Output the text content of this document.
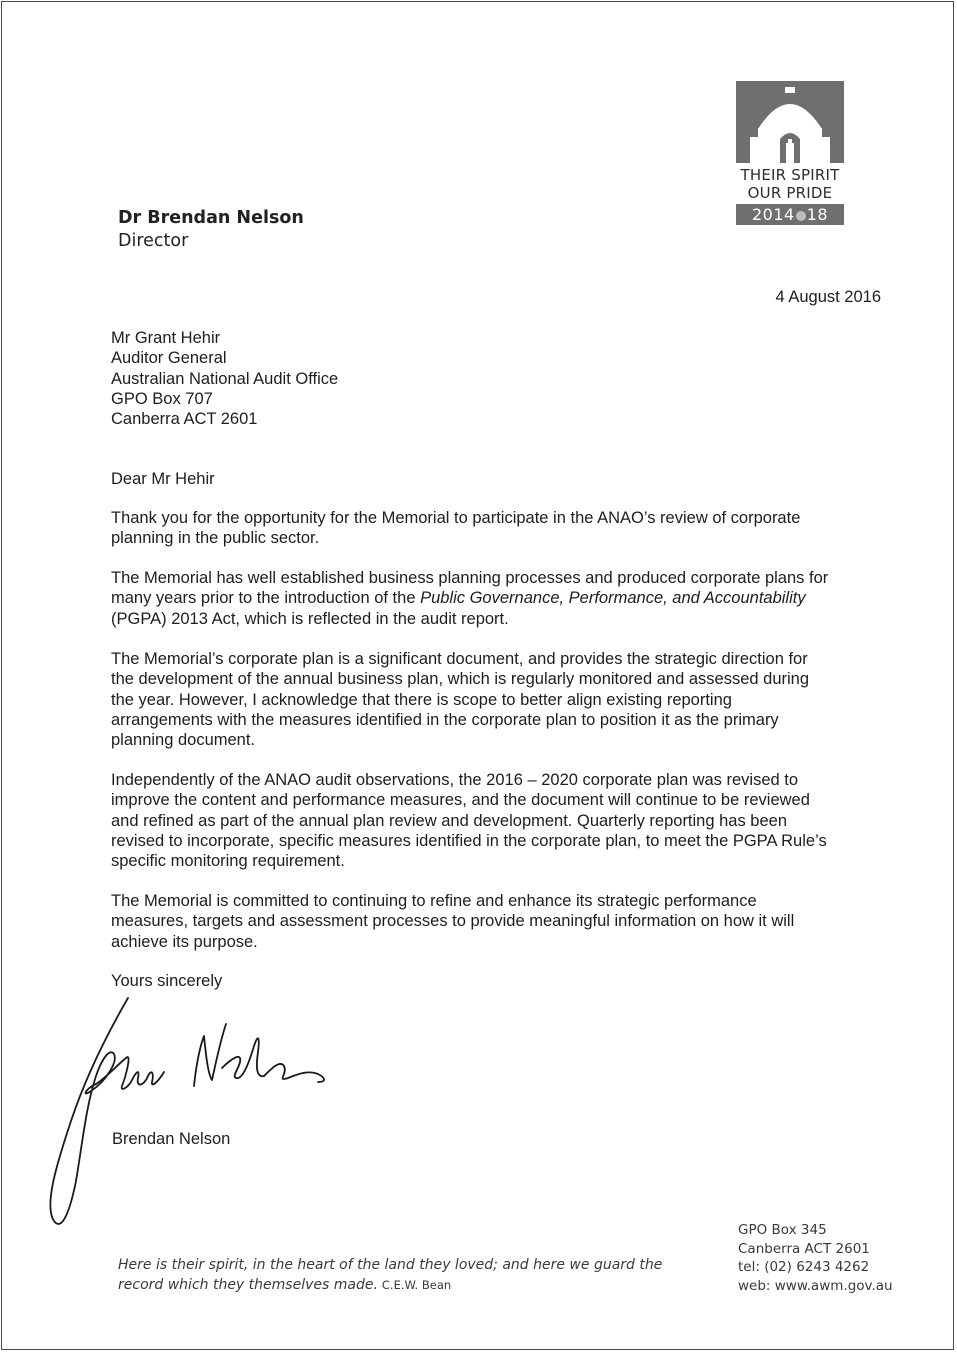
THEIR SPIRIT
OUR PRIDE
2014 18
Dr Brendan Nelson
Director
4 August 2016
Mr Grant Hehir
Auditor General
Australian National Audit Office
GPO Box 707
Canberra ACT 2601
Dear Mr Hehir

Thank you for the opportunity for the Memorial to participate in the ANAO’s review of corporate
planning in the public sector.

The Memorial has well established business planning processes and produced corporate plans for
many years prior to the introduction of the Public Governance, Performance, and Accountability
(PGPA) 2013 Act, which is reflected in the audit report.

The Memorial’s corporate plan is a significant document, and provides the strategic direction for
the development of the annual business plan, which is regularly monitored and assessed during
the year. However, I acknowledge that there is scope to better align existing reporting
arrangements with the measures identified in the corporate plan to position it as the primary
planning document.

Independently of the ANAO audit observations, the 2016 – 2020 corporate plan was revised to
improve the content and performance measures, and the document will continue to be reviewed
and refined as part of the annual plan review and development. Quarterly reporting has been
revised to incorporate, specific measures identified in the corporate plan, to meet the PGPA Rule’s
specific monitoring requirement.

The Memorial is committed to continuing to refine and enhance its strategic performance
measures, targets and assessment processes to provide meaningful information on how it will
achieve its purpose.

Yours sincerely
Brendan Nelson
Here is their spirit, in the heart of the land they loved; and here we guard the
record which they themselves made. C.E.W. Bean
GPO Box 345
Canberra ACT 2601
tel: (02) 6243 4262
web: www.awm.gov.au
